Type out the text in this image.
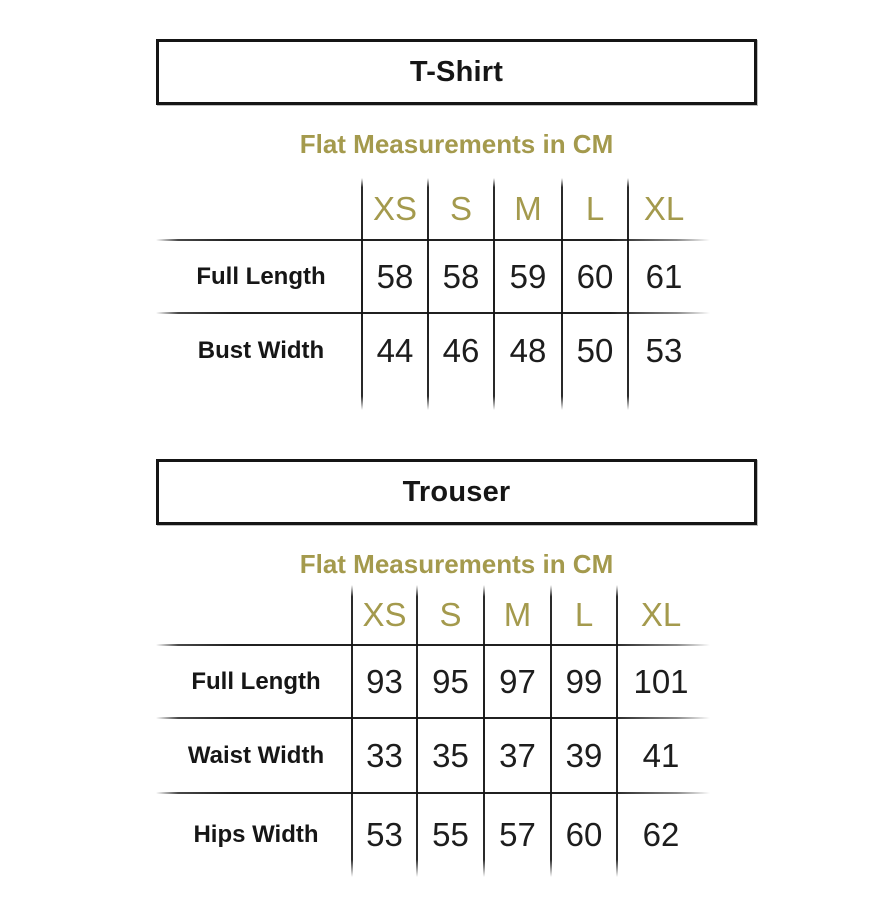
T-Shirt
Flat Measurements in CM
XS S	M	L	XL
Full Length	58 58 59 60 61
Bust Width	44 46 48 50 53
Trouser
Flat Measurements in CM
XS S	M	L	XL
Full Length	93 95 97 99 101
Waist Width	33 35 37 39	41
Hips Width	53 55 57 60	62
